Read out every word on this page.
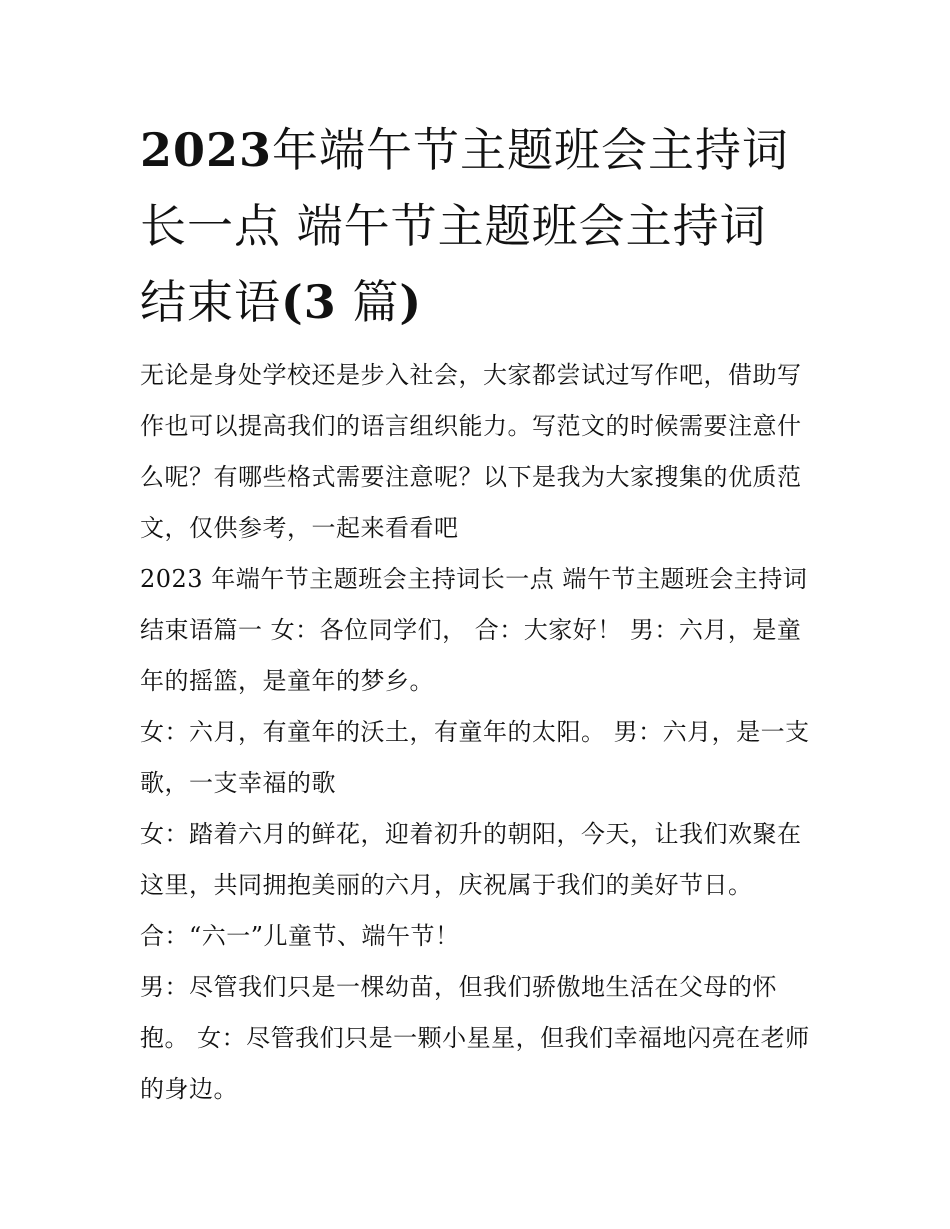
2023年端午节主题班会主持词
长一点 端午节主题班会主持词
结束语(3 篇)

无论是身处学校还是步入社会，大家都尝试过写作吧，借助写作也可以提高我们的语言组织能力。写范文的时候需要注意什么呢？有哪些格式需要注意呢？以下是我为大家搜集的优质范文，仅供参考，一起来看看吧

2023 年端午节主题班会主持词长一点 端午节主题班会主持词结束语篇一 女：各位同学们， 合：大家好！ 男：六月，是童年的摇篮，是童年的梦乡。

女：六月，有童年的沃土，有童年的太阳。 男：六月，是一支歌，一支幸福的歌

女：踏着六月的鲜花，迎着初升的朝阳，今天，让我们欢聚在这里，共同拥抱美丽的六月，庆祝属于我们的美好节日。

合：“六一”儿童节、端午节！

男：尽管我们只是一棵幼苗，但我们骄傲地生活在父母的怀抱。 女：尽管我们只是一颗小星星，但我们幸福地闪亮在老师的身边。
